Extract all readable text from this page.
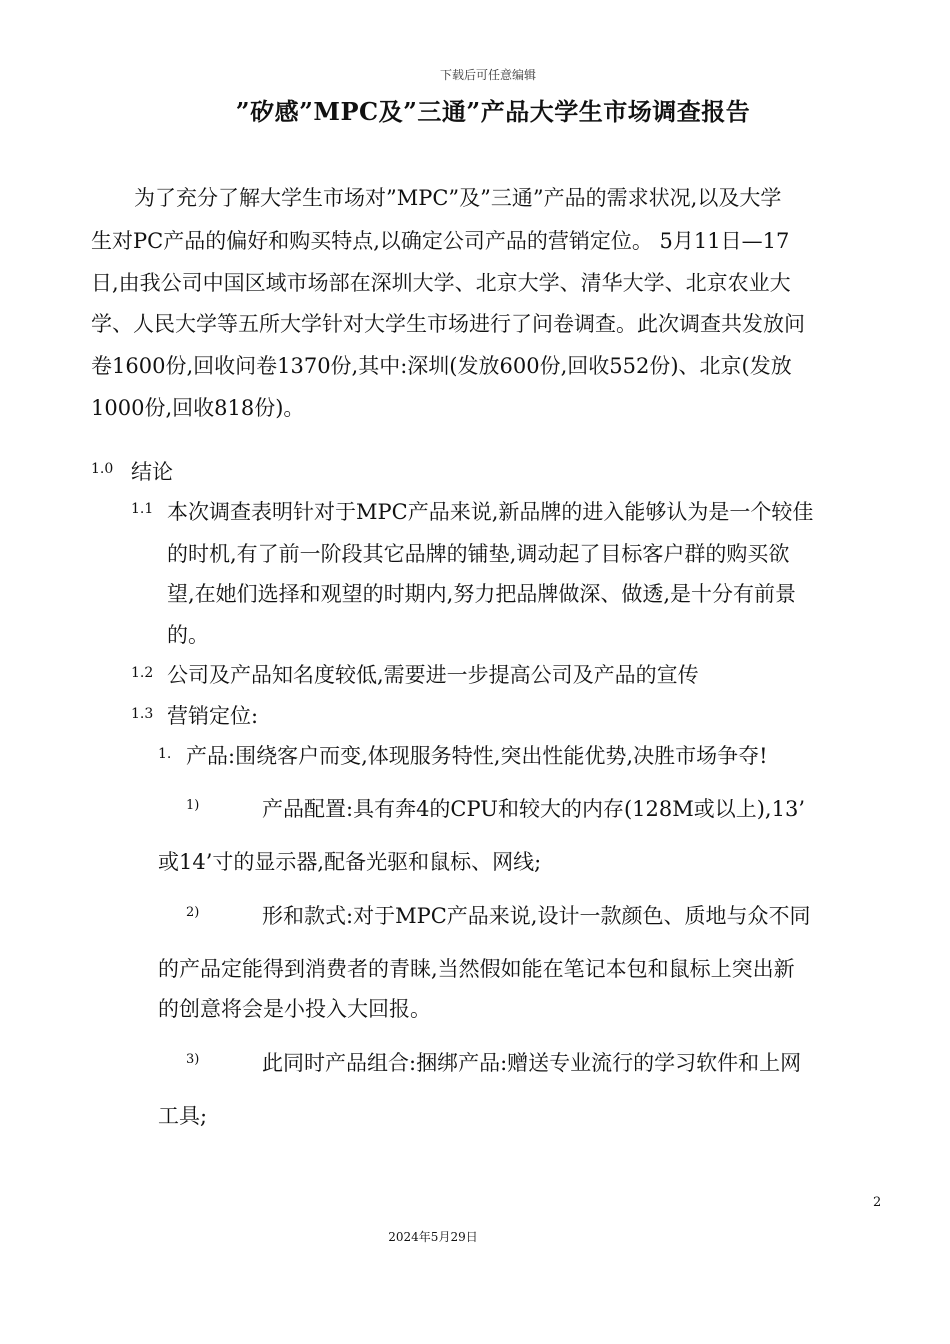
下载后可任意编辑
”矽感”MPC及”三通”产品大学生市场调查报告
为了充分了解大学生市场对”MPC”及”三通”产品的需求状况,以及大学
生对PC产品的偏好和购买特点,以确定公司产品的营销定位。 5月11日—17
日,由我公司中国区域市场部在深圳大学、北京大学、清华大学、北京农业大
学、人民大学等五所大学针对大学生市场进行了问卷调查。此次调查共发放问
卷1600份,回收问卷1370份,其中:深圳(发放600份,回收552份)、北京(发放
1000份,回收818份)。
1.0 结论
1.1 本次调查表明针对于MPC产品来说,新品牌的进入能够认为是一个较佳
的时机,有了前一阶段其它品牌的铺垫,调动起了目标客户群的购买欲
望,在她们选择和观望的时期内,努力把品牌做深、做透,是十分有前景
的。
1.2 公司及产品知名度较低,需要进一步提高公司及产品的宣传
1.3 营销定位:
1. 产品:围绕客户而变,体现服务特性,突出性能优势,决胜市场争夺!
1)	产品配置:具有奔4的CPU和较大的内存(128M或以上),13’
或14’寸的显示器,配备光驱和鼠标、网线;
2)	形和款式:对于MPC产品来说,设计一款颜色、质地与众不同
的产品定能得到消费者的青睐,当然假如能在笔记本包和鼠标上突出新
的创意将会是小投入大回报。
3)	此同时产品组合:捆绑产品:赠送专业流行的学习软件和上网
工具;
2
2024年5月29日
